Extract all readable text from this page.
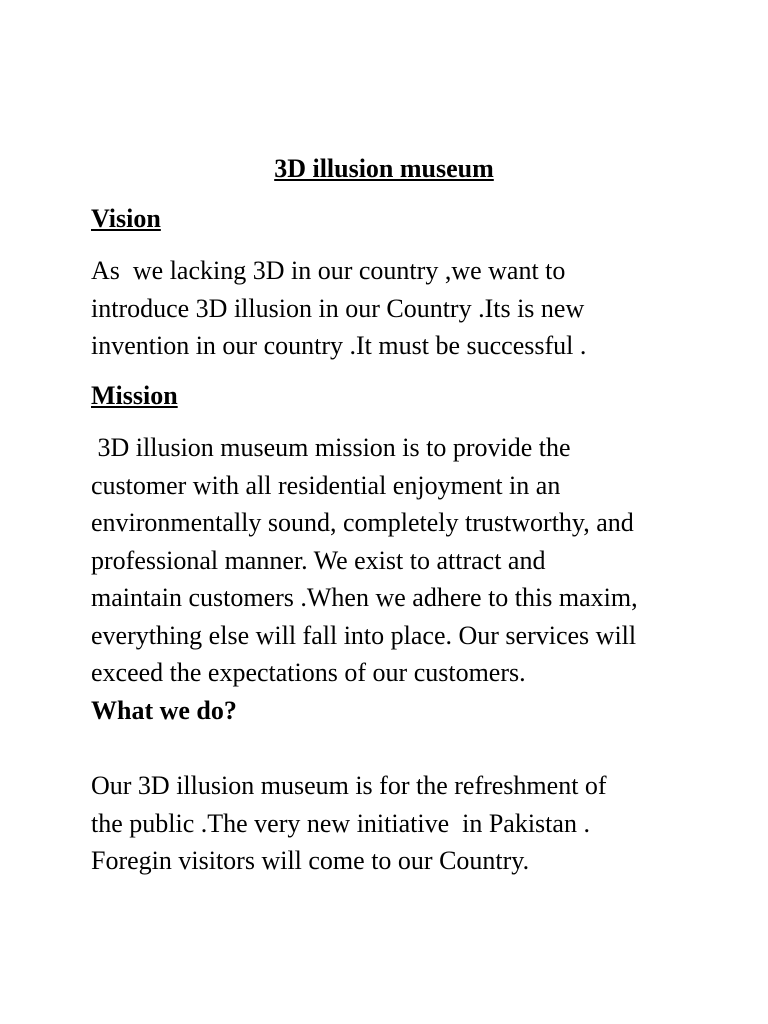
3D illusion museum
Vision
As  we lacking 3D in our country ,we want to
introduce 3D illusion in our Country .Its is new
invention in our country .It must be successful .
Mission
3D illusion museum mission is to provide the
customer with all residential enjoyment in an
environmentally sound, completely trustworthy, and
professional manner. We exist to attract and
maintain customers .When we adhere to this maxim,
everything else will fall into place. Our services will
exceed the expectations of our customers.
What we do?
Our 3D illusion museum is for the refreshment of
the public .The very new initiative  in Pakistan .
Foregin visitors will come to our Country.
